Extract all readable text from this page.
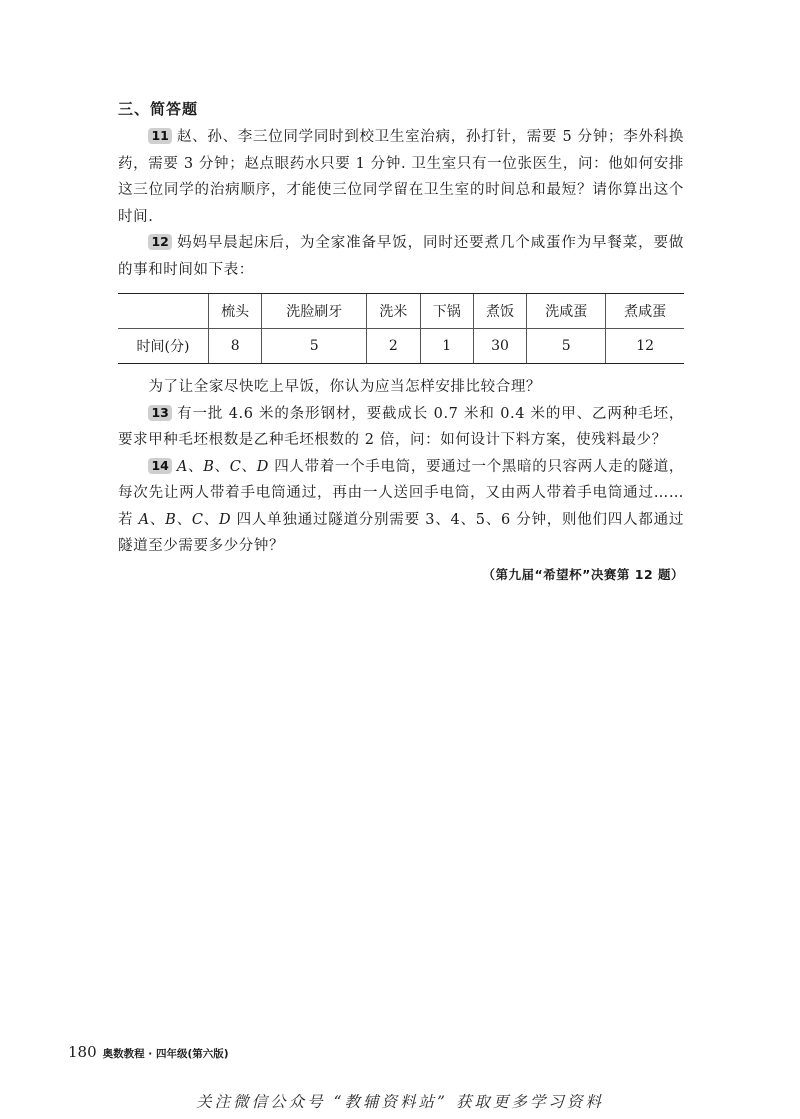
三、简答题

11 赵、孙、李三位同学同时到校卫生室治病，孙打针，需要 5 分钟；李外科换药，需要 3 分钟；赵点眼药水只要 1 分钟. 卫生室只有一位张医生，问：他如何安排这三位同学的治病顺序，才能使三位同学留在卫生室的时间总和最短？请你算出这个时间.

12 妈妈早晨起床后，为全家准备早饭，同时还要煮几个咸蛋作为早餐菜，要做的事和时间如下表：

	梳头	洗脸刷牙	洗米	下锅	煮饭	洗咸蛋	煮咸蛋
时间(分)	8	5	2	1	30	5	12

为了让全家尽快吃上早饭，你认为应当怎样安排比较合理？

13 有一批 4.6 米的条形钢材，要截成长 0.7 米和 0.4 米的甲、乙两种毛坯，要求甲种毛坯根数是乙种毛坯根数的 2 倍，问：如何设计下料方案，使残料最少？

14 A、B、C、D 四人带着一个手电筒，要通过一个黑暗的只容两人走的隧道，每次先让两人带着手电筒通过，再由一人送回手电筒，又由两人带着手电筒通过……若 A、B、C、D 四人单独通过隧道分别需要 3、4、5、6 分钟，则他们四人都通过隧道至少需要多少分钟？

（第九届“希望杯”决赛第 12 题）
180 奥数教程 · 四年级(第六版)
关注微信公众号 “教辅资料站” 获取更多学习资料
